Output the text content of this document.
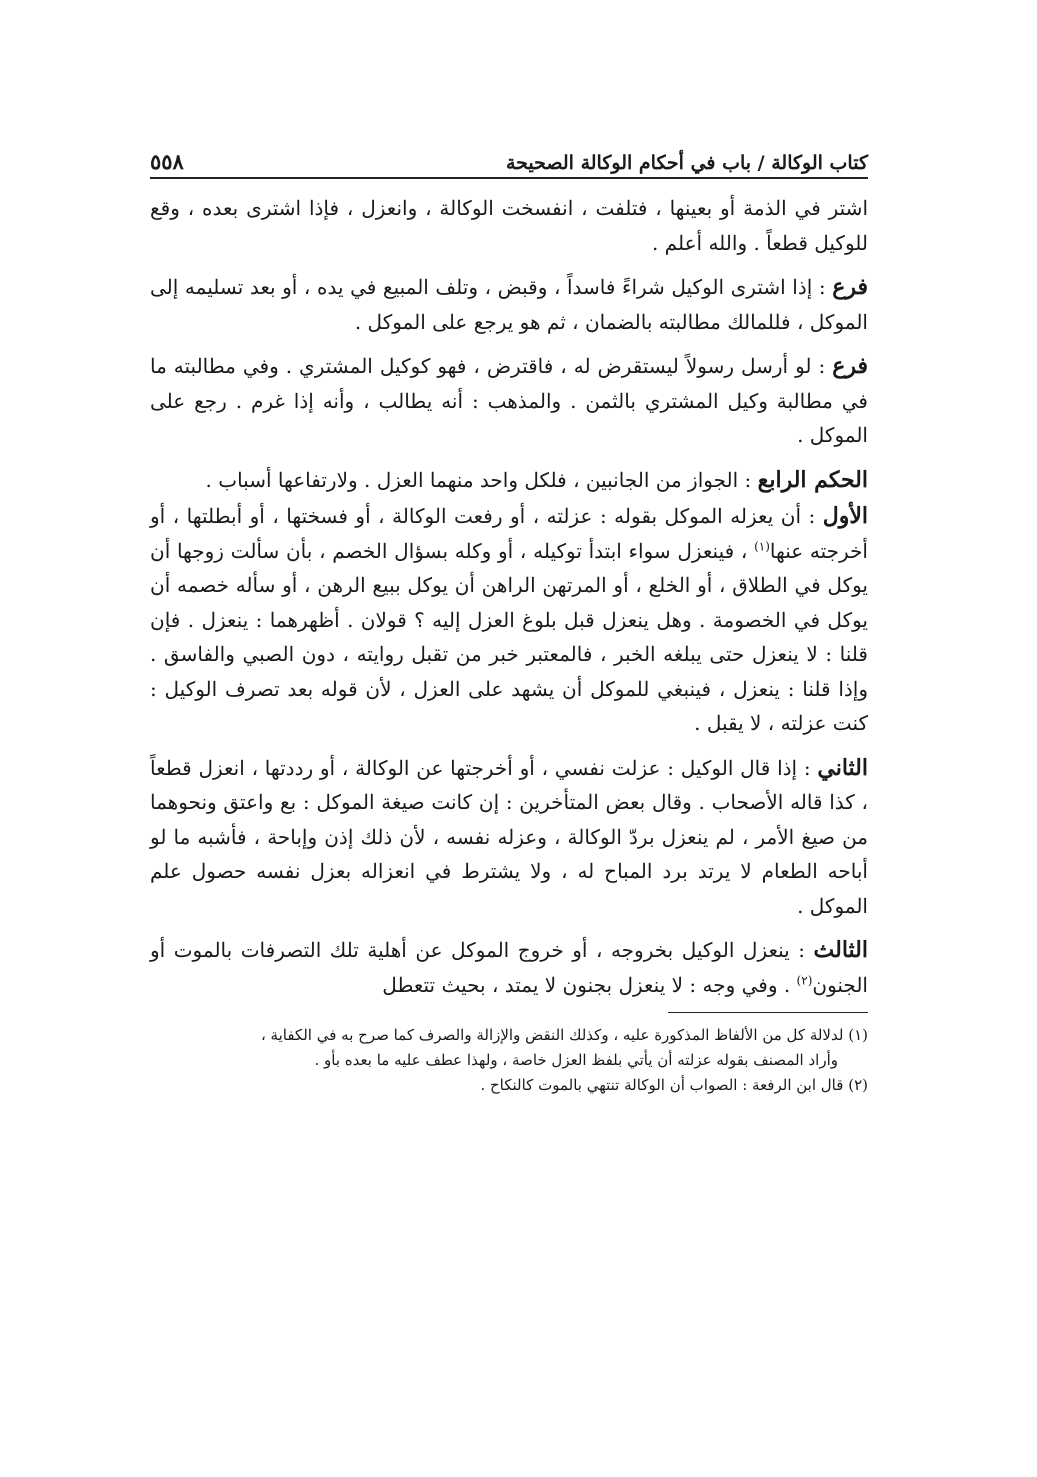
كتاب الوكالة / باب في أحكام الوكالة الصحيحة
٥٥٨

اشتر في الذمة أو بعينها ، فتلفت ، انفسخت الوكالة ، وانعزل ، فإذا اشترى بعده ، وقع للوكيل قطعاً . والله أعلم .

فرع : إذا اشترى الوكيل شراءً فاسداً ، وقبض ، وتلف المبيع في يده ، أو بعد تسليمه إلى الموكل ، فللمالك مطالبته بالضمان ، ثم هو يرجع على الموكل .

فرع : لو أرسل رسولاً ليستقرض له ، فاقترض ، فهو كوكيل المشتري . وفي مطالبته ما في مطالبة وكيل المشتري بالثمن . والمذهب : أنه يطالب ، وأنه إذا غرم . رجع على الموكل .

الحكم الرابع : الجواز من الجانبين ، فلكل واحد منهما العزل . ولارتفاعها أسباب .

الأول : أن يعزله الموكل بقوله : عزلته ، أو رفعت الوكالة ، أو فسختها ، أو أبطلتها ، أو أخرجته عنها$^{(١)}$ ، فينعزل سواء ابتدأ توكيله ، أو وكله بسؤال الخصم ، بأن سألت زوجها أن يوكل في الطلاق ، أو الخلع ، أو المرتهن الراهن أن يوكل ببيع الرهن ، أو سأله خصمه أن يوكل في الخصومة . وهل ينعزل قبل بلوغ العزل إليه ؟ قولان . أظهرهما : ينعزل . فإن قلنا : لا ينعزل حتى يبلغه الخبر ، فالمعتبر خبر من تقبل روايته ، دون الصبي والفاسق . وإذا قلنا : ينعزل ، فينبغي للموكل أن يشهد على العزل ، لأن قوله بعد تصرف الوكيل : كنت عزلته ، لا يقبل .

الثاني : إذا قال الوكيل : عزلت نفسي ، أو أخرجتها عن الوكالة ، أو رددتها ، انعزل قطعاً ، كذا قاله الأصحاب . وقال بعض المتأخرين : إن كانت صيغة الموكل : بع واعتق ونحوهما من صيغ الأمر ، لم ينعزل بردّ الوكالة ، وعزله نفسه ، لأن ذلك إذن وإباحة ، فأشبه ما لو أباحه الطعام لا يرتد برد المباح له ، ولا يشترط في انعزاله بعزل نفسه حصول علم الموكل .

الثالث : ينعزل الوكيل بخروجه ، أو خروج الموكل عن أهلية تلك التصرفات بالموت أو الجنون$^{(٢)}$ . وفي وجه : لا ينعزل بجنون لا يمتد ، بحيث تتعطل

(١) لدلالة كل من الألفاظ المذكورة عليه ، وكذلك النقض والإزالة والصرف كما صرح به في الكفاية ،

وأراد المصنف بقوله عزلته أن يأتي بلفظ العزل خاصة ، ولهذا عطف عليه ما بعده بأو .

(٢) قال ابن الرفعة : الصواب أن الوكالة تنتهي بالموت كالنكاح .
